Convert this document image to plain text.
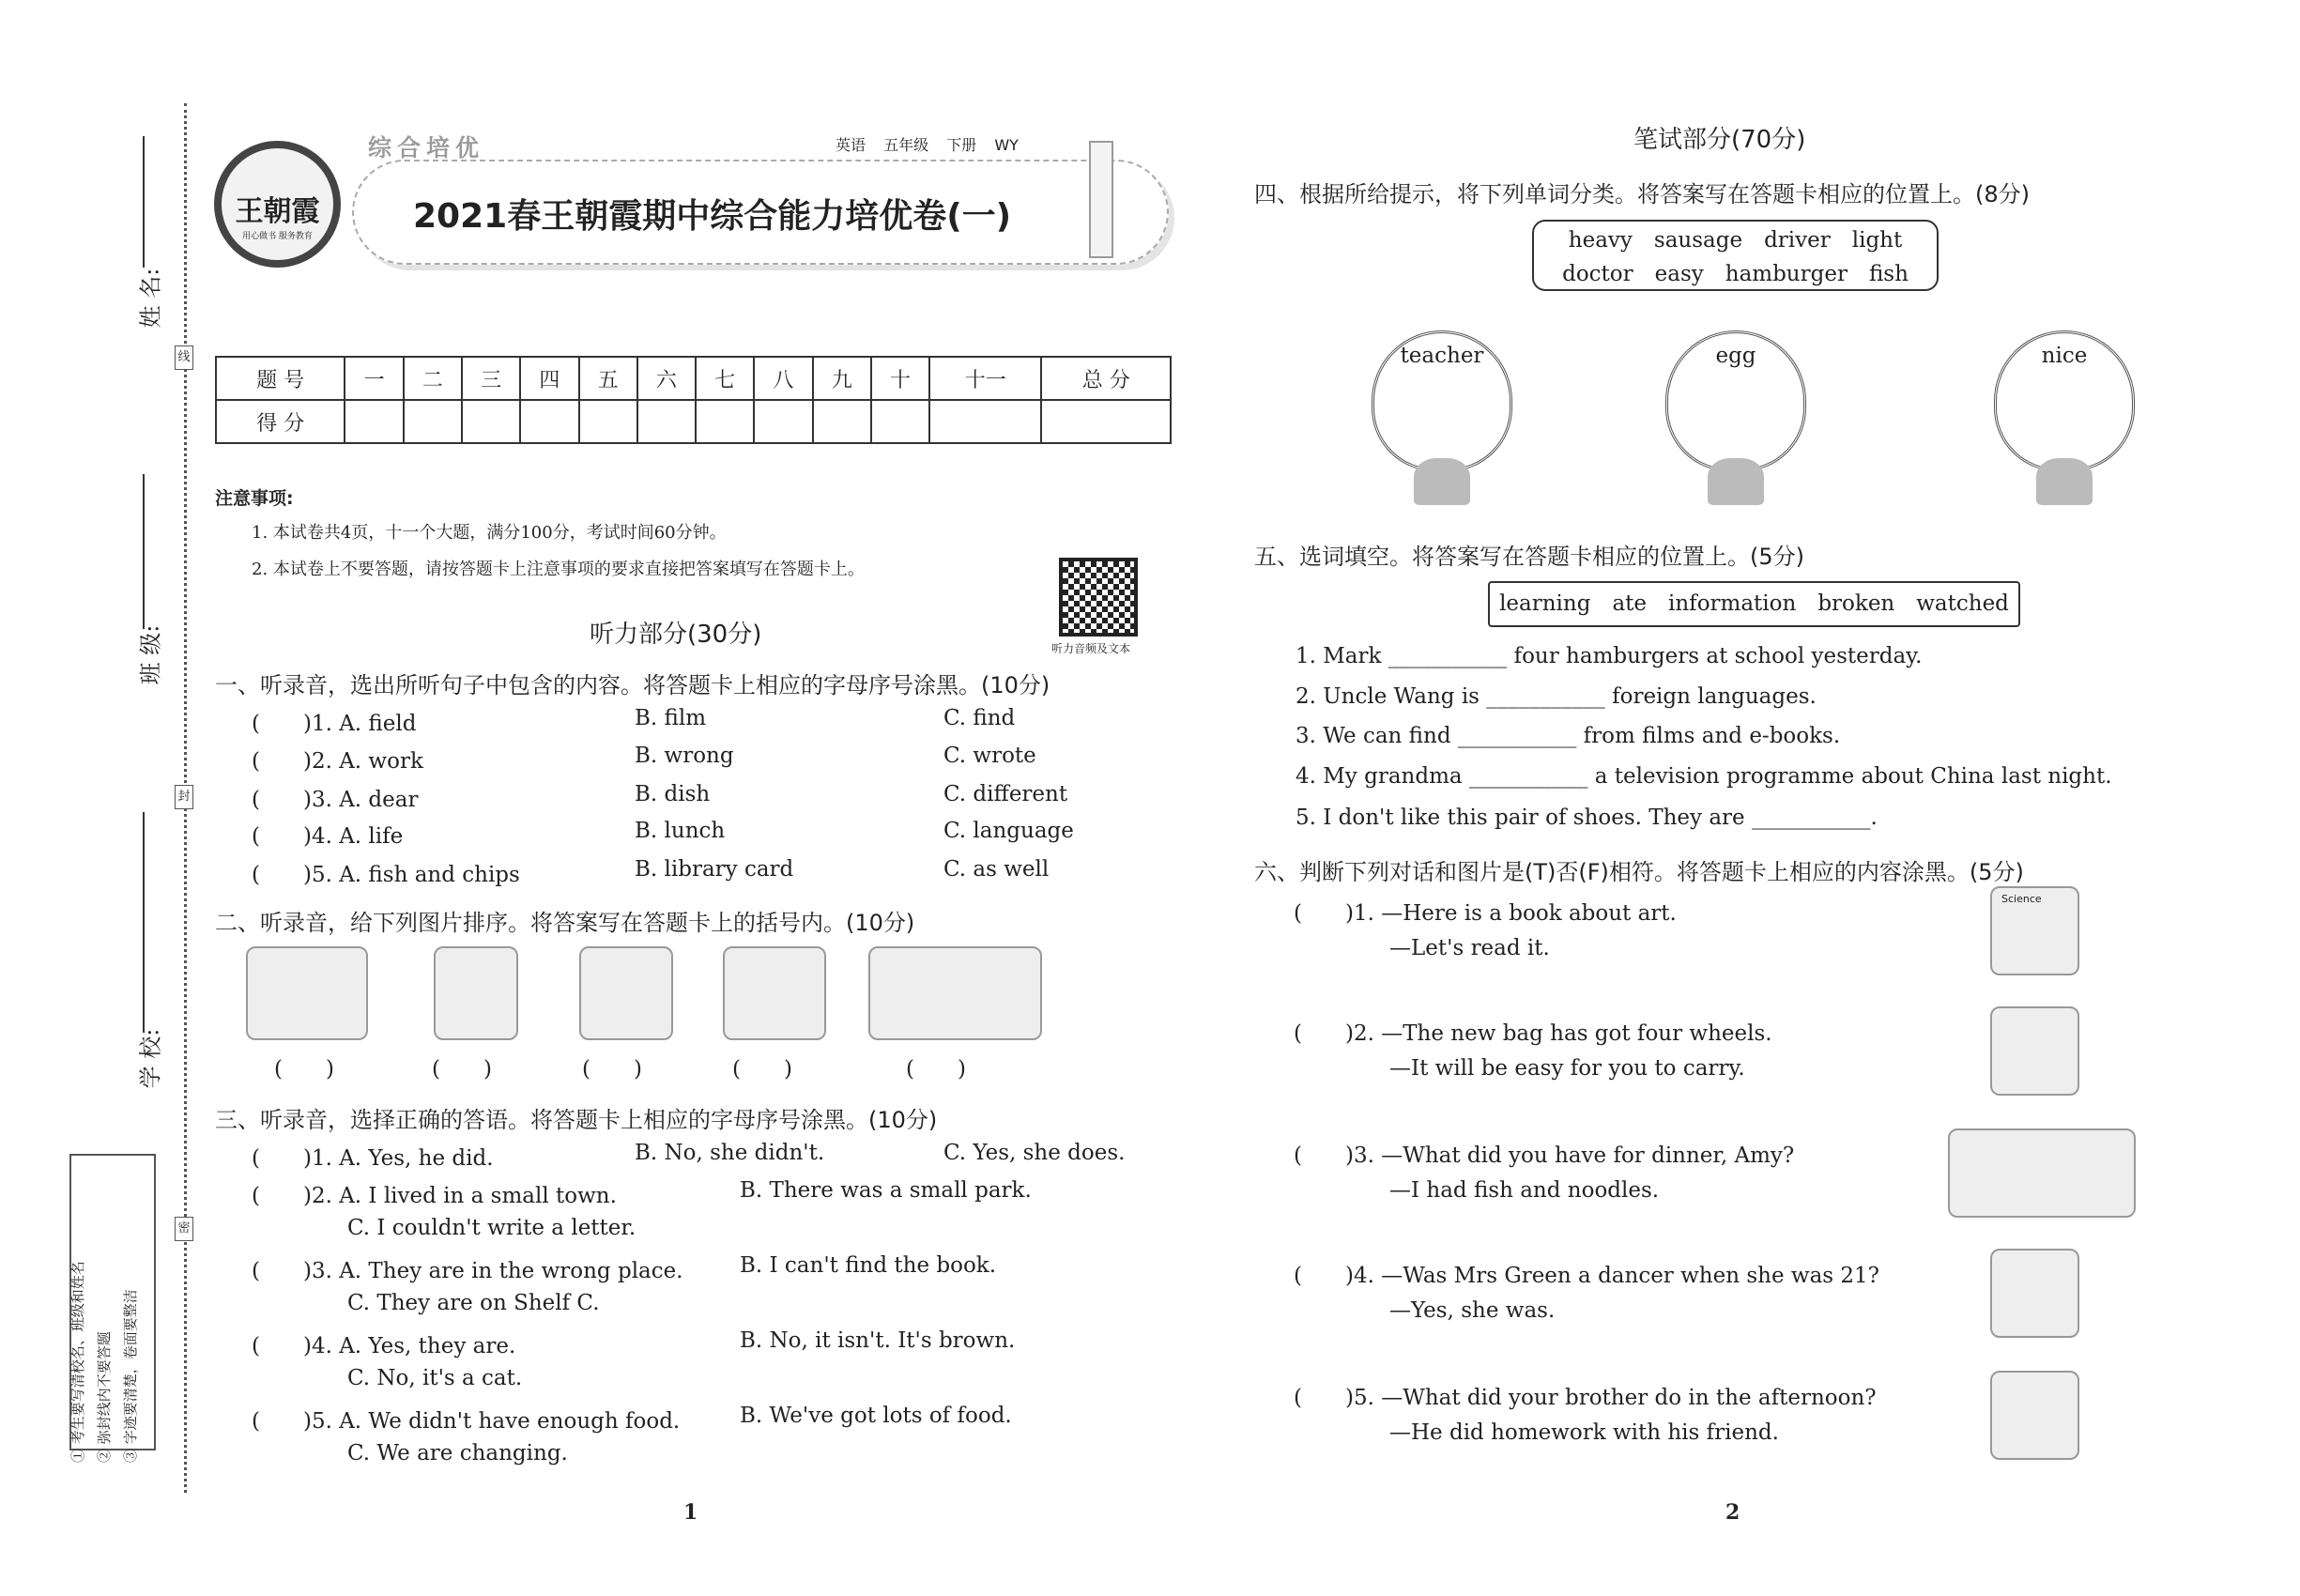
线
封
密
姓 名:
班 级:
学 校:
① 考生要写清校名、班级和姓名 ② 弥封线内不要答题 ③ 字迹要清楚，卷面要整洁
王朝霞
用心做书 服务教育
综合培优	英语 五年级 下册 WY
2021春王朝霞期中综合能力培优卷(一)
题 号	一	二	三	四	五	六	七	八	九	十	十一	总 分
得 分												
注意事项:
1. 本试卷共4页，十一个大题，满分100分，考试时间60分钟。
2. 本试卷上不要答题，请按答题卡上注意事项的要求直接把答案填写在答题卡上。
听力音频及文本
听力部分(30分)
一、听录音，选出所听句子中包含的内容。将答题卡上相应的字母序号涂黑。(10分)
(　　)1. A. field	B. film	C. find
(　　)2. A. work	B. wrong	C. wrote
(　　)3. A. dear	B. dish	C. different
(　　)4. A. life	B. lunch	C. language
(　　)5. A. fish and chips	B. library card	C. as well
二、听录音，给下列图片排序。将答案写在答题卡上的括号内。(10分)
(　　)	(　　)	(　　)	(　　)	(　　)
三、听录音，选择正确的答语。将答题卡上相应的字母序号涂黑。(10分)
(　　)1. A. Yes, he did.	B. No, she didn't.	C. Yes, she does.
(　　)2. A. I lived in a small town.	B. There was a small park.
C. I couldn't write a letter.
(　　)3. A. They are in the wrong place.	B. I can't find the book.
C. They are on Shelf C.
(　　)4. A. Yes, they are.	B. No, it isn't. It's brown.
C. No, it's a cat.
(　　)5. A. We didn't have enough food.	B. We've got lots of food.
C. We are changing.
笔试部分(70分)
四、根据所给提示，将下列单词分类。将答案写在答题卡相应的位置上。(8分)
heavy　sausage　driver　light
doctor　easy　hamburger　fish
teacher	egg	nice
五、选词填空。将答案写在答题卡相应的位置上。(5分)
learning　ate　information　broken　watched
1. Mark ___________ four hamburgers at school yesterday.
2. Uncle Wang is ___________ foreign languages.
3. We can find ___________ from films and e-books.
4. My grandma ___________ a television programme about China last night.
5. I don't like this pair of shoes. They are ___________.
六、判断下列对话和图片是(T)否(F)相符。将答题卡上相应的内容涂黑。(5分)
(　　)1. —Here is a book about art.
—Let's read it.
Science
(　　)2. —The new bag has got four wheels.
—It will be easy for you to carry.
(　　)3. —What did you have for dinner, Amy?
—I had fish and noodles.
(　　)4. —Was Mrs Green a dancer when she was 21?
—Yes, she was.
(　　)5. —What did your brother do in the afternoon?
—He did homework with his friend.
1	2
